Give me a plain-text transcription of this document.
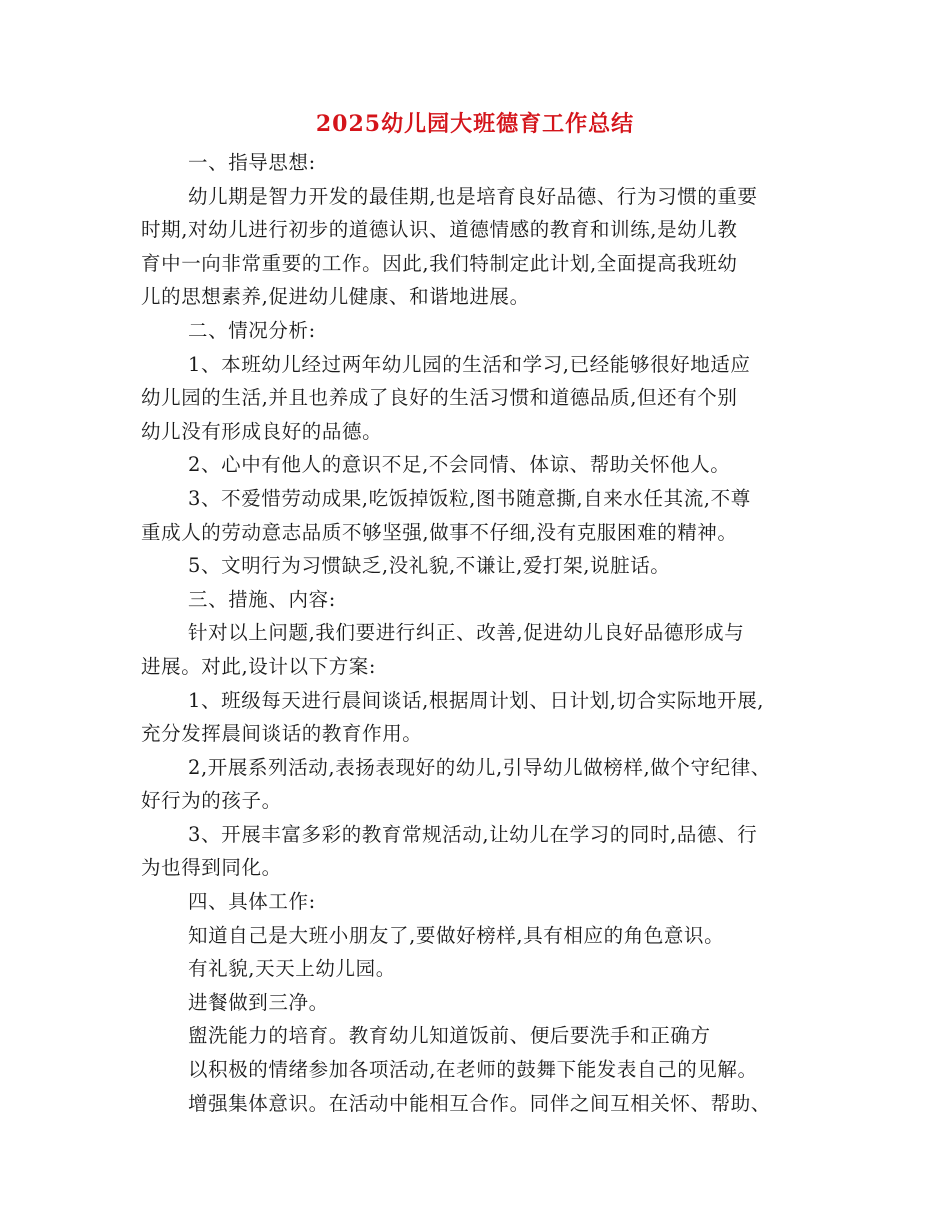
2025幼儿园大班德育工作总结
一、指导思想:
幼儿期是智力开发的最佳期,也是培育良好品德、行为习惯的重要
时期,对幼儿进行初步的道德认识、道德情感的教育和训练,是幼儿教
育中一向非常重要的工作。因此,我们特制定此计划,全面提高我班幼
儿的思想素养,促进幼儿健康、和谐地进展。
二、情况分析:
1、本班幼儿经过两年幼儿园的生活和学习,已经能够很好地适应
幼儿园的生活,并且也养成了良好的生活习惯和道德品质,但还有个别
幼儿没有形成良好的品德。
2、心中有他人的意识不足,不会同情、体谅、帮助关怀他人。
3、不爱惜劳动成果,吃饭掉饭粒,图书随意撕,自来水任其流,不尊
重成人的劳动意志品质不够坚强,做事不仔细,没有克服困难的精神。
5、文明行为习惯缺乏,没礼貌,不谦让,爱打架,说脏话。
三、措施、内容:
针对以上问题,我们要进行纠正、改善,促进幼儿良好品德形成与
进展。对此,设计以下方案:
1、班级每天进行晨间谈话,根据周计划、日计划,切合实际地开展,
充分发挥晨间谈话的教育作用。
2,开展系列活动,表扬表现好的幼儿,引导幼儿做榜样,做个守纪律、
好行为的孩子。
3、开展丰富多彩的教育常规活动,让幼儿在学习的同时,品德、行
为也得到同化。
四、具体工作:
知道自己是大班小朋友了,要做好榜样,具有相应的角色意识。
有礼貌,天天上幼儿园。
进餐做到三净。
盥洗能力的培育。教育幼儿知道饭前、便后要洗手和正确方
以积极的情绪参加各项活动,在老师的鼓舞下能发表自己的见解。
增强集体意识。在活动中能相互合作。同伴之间互相关怀、帮助、
